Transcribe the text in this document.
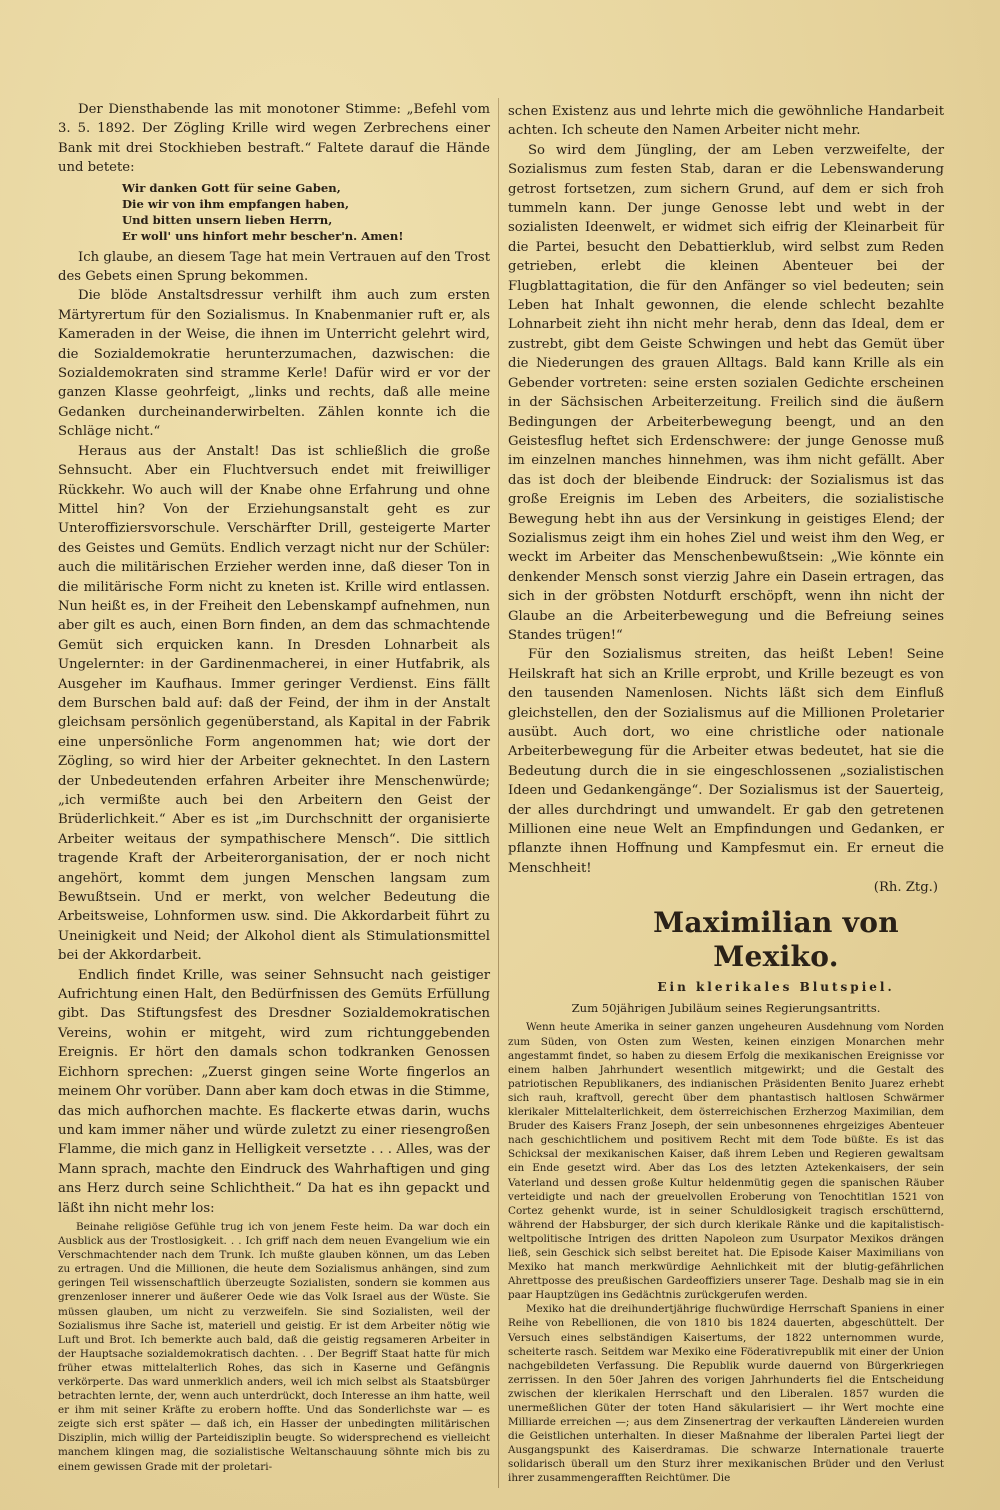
Der Diensthabende las mit monotoner Stimme: „Befehl vom 3. 5. 1892. Der Zögling Krille wird wegen Zerbrechens einer Bank mit drei Stockhieben bestraft.“ Faltete darauf die Hände und betete:

Wir danken Gott für seine Gaben,
Die wir von ihm empfangen haben,
Und bitten unsern lieben Herrn,
Er woll' uns hinfort mehr bescher'n. Amen!

Ich glaube, an diesem Tage hat mein Vertrauen auf den Trost des Gebets einen Sprung bekommen.

Die blöde Anstaltsdressur verhilft ihm auch zum ersten Märtyrertum für den Sozialismus. In Knabenmanier ruft er, als Kameraden in der Weise, die ihnen im Unterricht gelehrt wird, die Sozialdemokratie herunterzumachen, dazwischen: die Sozialdemokraten sind stramme Kerle! Dafür wird er vor der ganzen Klasse geohrfeigt, „links und rechts, daß alle meine Gedanken durcheinanderwirbelten. Zählen konnte ich die Schläge nicht.“

Heraus aus der Anstalt! Das ist schließlich die große Sehnsucht. Aber ein Fluchtversuch endet mit freiwilliger Rückkehr. Wo auch will der Knabe ohne Erfahrung und ohne Mittel hin? Von der Erziehungsanstalt geht es zur Unteroffiziersvorschule. Verschärfter Drill, gesteigerte Marter des Geistes und Gemüts. Endlich verzagt nicht nur der Schüler: auch die militärischen Erzieher werden inne, daß dieser Ton in die militärische Form nicht zu kneten ist. Krille wird entlassen. Nun heißt es, in der Freiheit den Lebenskampf aufnehmen, nun aber gilt es auch, einen Born finden, an dem das schmachtende Gemüt sich erquicken kann. In Dresden Lohnarbeit als Ungelernter: in der Gardinenmacherei, in einer Hutfabrik, als Ausgeher im Kaufhaus. Immer geringer Verdienst. Eins fällt dem Burschen bald auf: daß der Feind, der ihm in der Anstalt gleichsam persönlich gegenüberstand, als Kapital in der Fabrik eine unpersönliche Form angenommen hat; wie dort der Zögling, so wird hier der Arbeiter geknechtet. In den Lastern der Unbedeutenden erfahren Arbeiter ihre Menschenwürde; „ich vermißte auch bei den Arbeitern den Geist der Brüderlichkeit.“ Aber es ist „im Durchschnitt der organisierte Arbeiter weitaus der sympathischere Mensch“. Die sittlich tragende Kraft der Arbeiterorganisation, der er noch nicht angehört, kommt dem jungen Menschen langsam zum Bewußtsein. Und er merkt, von welcher Bedeutung die Arbeitsweise, Lohnformen usw. sind. Die Akkordarbeit führt zu Uneinigkeit und Neid; der Alkohol dient als Stimulationsmittel bei der Akkordarbeit.

Endlich findet Krille, was seiner Sehnsucht nach geistiger Aufrichtung einen Halt, den Bedürfnissen des Gemüts Erfüllung gibt. Das Stiftungsfest des Dresdner Sozialdemokratischen Vereins, wohin er mitgeht, wird zum richtunggebenden Ereignis. Er hört den damals schon todkranken Genossen Eichhorn sprechen: „Zuerst gingen seine Worte fingerlos an meinem Ohr vorüber. Dann aber kam doch etwas in die Stimme, das mich aufhorchen machte. Es flackerte etwas darin, wuchs und kam immer näher und würde zuletzt zu einer riesengroßen Flamme, die mich ganz in Helligkeit versetzte . . . Alles, was der Mann sprach, machte den Eindruck des Wahrhaftigen und ging ans Herz durch seine Schlichtheit.“ Da hat es ihn gepackt und läßt ihn nicht mehr los:

Beinahe religiöse Gefühle trug ich von jenem Feste heim. Da war doch ein Ausblick aus der Trostlosigkeit. . . Ich griff nach dem neuen Evangelium wie ein Verschmachtender nach dem Trunk. Ich mußte glauben können, um das Leben zu ertragen. Und die Millionen, die heute dem Sozialismus anhängen, sind zum geringen Teil wissenschaftlich überzeugte Sozialisten, sondern sie kommen aus grenzenloser innerer und äußerer Oede wie das Volk Israel aus der Wüste. Sie müssen glauben, um nicht zu verzweifeln. Sie sind Sozialisten, weil der Sozialismus ihre Sache ist, materiell und geistig. Er ist dem Arbeiter nötig wie Luft und Brot. Ich bemerkte auch bald, daß die geistig regsameren Arbeiter in der Hauptsache sozialdemokratisch dachten. . . Der Begriff Staat hatte für mich früher etwas mittelalterlich Rohes, das sich in Kaserne und Gefängnis verkörperte. Das ward unmerklich anders, weil ich mich selbst als Staatsbürger betrachten lernte, der, wenn auch unterdrückt, doch Interesse an ihm hatte, weil er ihm mit seiner Kräfte zu erobern hoffte. Und das Sonderlichste war — es zeigte sich erst später — daß ich, ein Hasser der unbedingten militärischen Disziplin, mich willig der Parteidisziplin beugte. So widersprechend es vielleicht manchem klingen mag, die sozialistische Weltanschauung söhnte mich bis zu einem gewissen Grade mit der proletari-

schen Existenz aus und lehrte mich die gewöhnliche Handarbeit achten. Ich scheute den Namen Arbeiter nicht mehr.

So wird dem Jüngling, der am Leben verzweifelte, der Sozialismus zum festen Stab, daran er die Lebenswanderung getrost fortsetzen, zum sichern Grund, auf dem er sich froh tummeln kann. Der junge Genosse lebt und webt in der sozialisten Ideenwelt, er widmet sich eifrig der Kleinarbeit für die Partei, besucht den Debattierklub, wird selbst zum Reden getrieben, erlebt die kleinen Abenteuer bei der Flugblattagitation, die für den Anfänger so viel bedeuten; sein Leben hat Inhalt gewonnen, die elende schlecht bezahlte Lohnarbeit zieht ihn nicht mehr herab, denn das Ideal, dem er zustrebt, gibt dem Geiste Schwingen und hebt das Gemüt über die Niederungen des grauen Alltags. Bald kann Krille als ein Gebender vortreten: seine ersten sozialen Gedichte erscheinen in der Sächsischen Arbeiterzeitung. Freilich sind die äußern Bedingungen der Arbeiterbewegung beengt, und an den Geistesflug heftet sich Erdenschwere: der junge Genosse muß im einzelnen manches hinnehmen, was ihm nicht gefällt. Aber das ist doch der bleibende Eindruck: der Sozialismus ist das große Ereignis im Leben des Arbeiters, die sozialistische Bewegung hebt ihn aus der Versinkung in geistiges Elend; der Sozialismus zeigt ihm ein hohes Ziel und weist ihm den Weg, er weckt im Arbeiter das Menschenbewußtsein: „Wie könnte ein denkender Mensch sonst vierzig Jahre ein Dasein ertragen, das sich in der gröbsten Notdurft erschöpft, wenn ihn nicht der Glaube an die Arbeiterbewegung und die Befreiung seines Standes trügen!“

Für den Sozialismus streiten, das heißt Leben! Seine Heilskraft hat sich an Krille erprobt, und Krille bezeugt es von den tausenden Namenlosen. Nichts läßt sich dem Einfluß gleichstellen, den der Sozialismus auf die Millionen Proletarier ausübt. Auch dort, wo eine christliche oder nationale Arbeiterbewegung für die Arbeiter etwas bedeutet, hat sie die Bedeutung durch die in sie eingeschlossenen „sozialistischen Ideen und Gedankengänge“. Der Sozialismus ist der Sauerteig, der alles durchdringt und umwandelt. Er gab den getretenen Millionen eine neue Welt an Empfindungen und Gedanken, er pflanzte ihnen Hoffnung und Kampfesmut ein. Er erneut die Menschheit!

(Rh. Ztg.)
Maximilian von Mexiko.
Ein klerikales Blutspiel.
Zum 50jährigen Jubiläum seines Regierungsantritts.

Wenn heute Amerika in seiner ganzen ungeheuren Ausdehnung vom Norden zum Süden, von Osten zum Westen, keinen einzigen Monarchen mehr angestammt findet, so haben zu diesem Erfolg die mexikanischen Ereignisse vor einem halben Jahrhundert wesentlich mitgewirkt; und die Gestalt des patriotischen Republikaners, des indianischen Präsidenten Benito Juarez erhebt sich rauh, kraftvoll, gerecht über dem phantastisch haltlosen Schwärmer klerikaler Mittelalterlichkeit, dem österreichischen Erzherzog Maximilian, dem Bruder des Kaisers Franz Joseph, der sein unbesonnenes ehrgeiziges Abenteuer nach geschichtlichem und positivem Recht mit dem Tode büßte. Es ist das Schicksal der mexikanischen Kaiser, daß ihrem Leben und Regieren gewaltsam ein Ende gesetzt wird. Aber das Los des letzten Aztekenkaisers, der sein Vaterland und dessen große Kultur heldenmütig gegen die spanischen Räuber verteidigte und nach der greuelvollen Eroberung von Tenochtitlan 1521 von Cortez gehenkt wurde, ist in seiner Schuldlosigkeit tragisch erschütternd, während der Habsburger, der sich durch klerikale Ränke und die kapitalistisch-weltpolitische Intrigen des dritten Napoleon zum Usurpator Mexikos drängen ließ, sein Geschick sich selbst bereitet hat. Die Episode Kaiser Maximilians von Mexiko hat manch merkwürdige Aehnlichkeit mit der blutig-gefährlichen Ahrettposse des preußischen Gardeoffiziers unserer Tage. Deshalb mag sie in ein paar Hauptzügen ins Gedächtnis zurückgerufen werden.

Mexiko hat die dreihundertjährige fluchwürdige Herrschaft Spaniens in einer Reihe von Rebellionen, die von 1810 bis 1824 dauerten, abgeschüttelt. Der Versuch eines selbständigen Kaisertums, der 1822 unternommen wurde, scheiterte rasch. Seitdem war Mexiko eine Föderativrepublik mit einer der Union nachgebildeten Verfassung. Die Republik wurde dauernd von Bürgerkriegen zerrissen. In den 50er Jahren des vorigen Jahrhunderts fiel die Entscheidung zwischen der klerikalen Herrschaft und den Liberalen. 1857 wurden die unermeßlichen Güter der toten Hand säkularisiert — ihr Wert mochte eine Milliarde erreichen —; aus dem Zinsenertrag der verkauften Ländereien wurden die Geistlichen unterhalten. In dieser Maßnahme der liberalen Partei liegt der Ausgangspunkt des Kaiserdramas. Die schwarze Internationale trauerte solidarisch überall um den Sturz ihrer mexikanischen Brüder und den Verlust ihrer zusammengerafften Reichtümer. Die
